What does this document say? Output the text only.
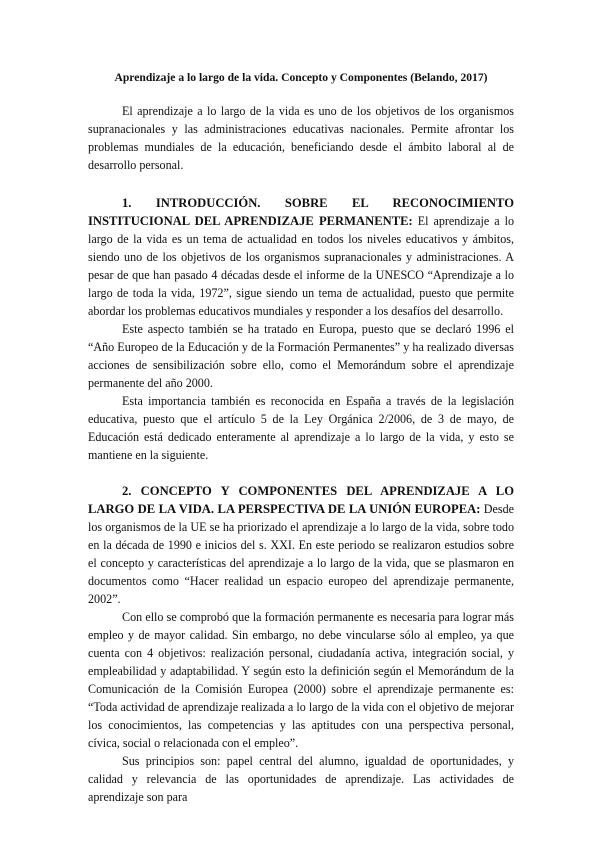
Aprendizaje a lo largo de la vida. Concepto y Componentes (Belando, 2017)

El aprendizaje a lo largo de la vida es uno de los objetivos de los organismos supranacionales y las administraciones educativas nacionales. Permite afrontar los problemas mundiales de la educación, beneficiando desde el ámbito laboral al de desarrollo personal.

1. INTRODUCCIÓN. SOBRE EL RECONOCIMIENTO INSTITUCIONAL DEL APRENDIZAJE PERMANENTE: El aprendizaje a lo largo de la vida es un tema de actualidad en todos los niveles educativos y ámbitos, siendo uno de los objetivos de los organismos supranacionales y administraciones. A pesar de que han pasado 4 décadas desde el informe de la UNESCO “Aprendizaje a lo largo de toda la vida, 1972”, sigue siendo un tema de actualidad, puesto que permite abordar los problemas educativos mundiales y responder a los desafíos del desarrollo.

Este aspecto también se ha tratado en Europa, puesto que se declaró 1996 el “Año Europeo de la Educación y de la Formación Permanentes” y ha realizado diversas acciones de sensibilización sobre ello, como el Memorándum sobre el aprendizaje permanente del año 2000.

Esta importancia también es reconocida en España a través de la legislación educativa, puesto que el artículo 5 de la Ley Orgánica 2/2006, de 3 de mayo, de Educación está dedicado enteramente al aprendizaje a lo largo de la vida, y esto se mantiene en la siguiente.

2. CONCEPTO Y COMPONENTES DEL APRENDIZAJE A LO LARGO DE LA VIDA. LA PERSPECTIVA DE LA UNIÓN EUROPEA: Desde los organismos de la UE se ha priorizado el aprendizaje a lo largo de la vida, sobre todo en la década de 1990 e inicios del s. XXI. En este periodo se realizaron estudios sobre el concepto y características del aprendizaje a lo largo de la vida, que se plasmaron en documentos como “Hacer realidad un espacio europeo del aprendizaje permanente, 2002”.

Con ello se comprobó que la formación permanente es necesaria para lograr más empleo y de mayor calidad. Sin embargo, no debe vincularse sólo al empleo, ya que cuenta con 4 objetivos: realización personal, ciudadanía activa, integración social, y empleabilidad y adaptabilidad. Y según esto la definición según el Memorándum de la Comunicación de la Comisión Europea (2000) sobre el aprendizaje permanente es: “Toda actividad de aprendizaje realizada a lo largo de la vida con el objetivo de mejorar los conocimientos, las competencias y las aptitudes con una perspectiva personal, cívica, social o relacionada con el empleo”.

Sus principios son: papel central del alumno, igualdad de oportunidades, y calidad y relevancia de las oportunidades de aprendizaje. Las actividades de aprendizaje son para
